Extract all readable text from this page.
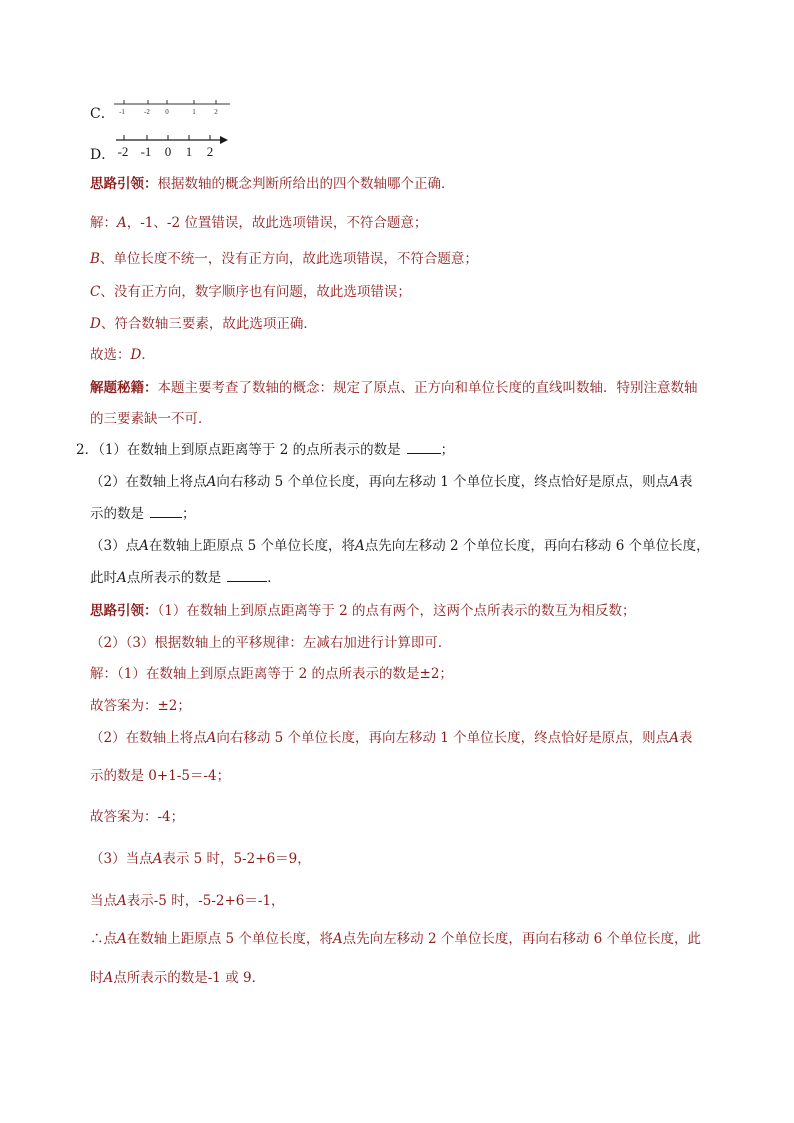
C． -1	-2 0	1	2
D． -2 -1 0 1 2
思路引领：根据数轴的概念判断所给出的四个数轴哪个正确．
解：A，-1、-2 位置错误，故此选项错误，不符合题意；
B、单位长度不统一，没有正方向，故此选项错误，不符合题意；
C、没有正方向，数字顺序也有问题，故此选项错误；
D、符合数轴三要素，故此选项正确．
故选：D．
解题秘籍：本题主要考查了数轴的概念：规定了原点、正方向和单位长度的直线叫数轴．特别注意数轴
的三要素缺一不可．
2．（1）在数轴上到原点距离等于 2 的点所表示的数是	；
（2）在数轴上将点A向右移动 5 个单位长度，再向左移动 1 个单位长度，终点恰好是原点，则点A表
示的数是	；
（3）点A在数轴上距原点 5 个单位长度，将A点先向左移动 2 个单位长度，再向右移动 6 个单位长度，
此时A点所表示的数是	．
思路引领：（1）在数轴上到原点距离等于 2 的点有两个，这两个点所表示的数互为相反数；
（2）（3）根据数轴上的平移规律：左减右加进行计算即可．
解：（1）在数轴上到原点距离等于 2 的点所表示的数是±2；
故答案为：±2；
（2）在数轴上将点A向右移动 5 个单位长度，再向左移动 1 个单位长度，终点恰好是原点，则点A表
示的数是 0+1-5＝-4；
故答案为：-4；
（3）当点A表示 5 时，5-2+6＝9，
当点A表示-5 时，-5-2+6＝-1，
∴点A在数轴上距原点 5 个单位长度，将A点先向左移动 2 个单位长度，再向右移动 6 个单位长度，此
时A点所表示的数是-1 或 9．
